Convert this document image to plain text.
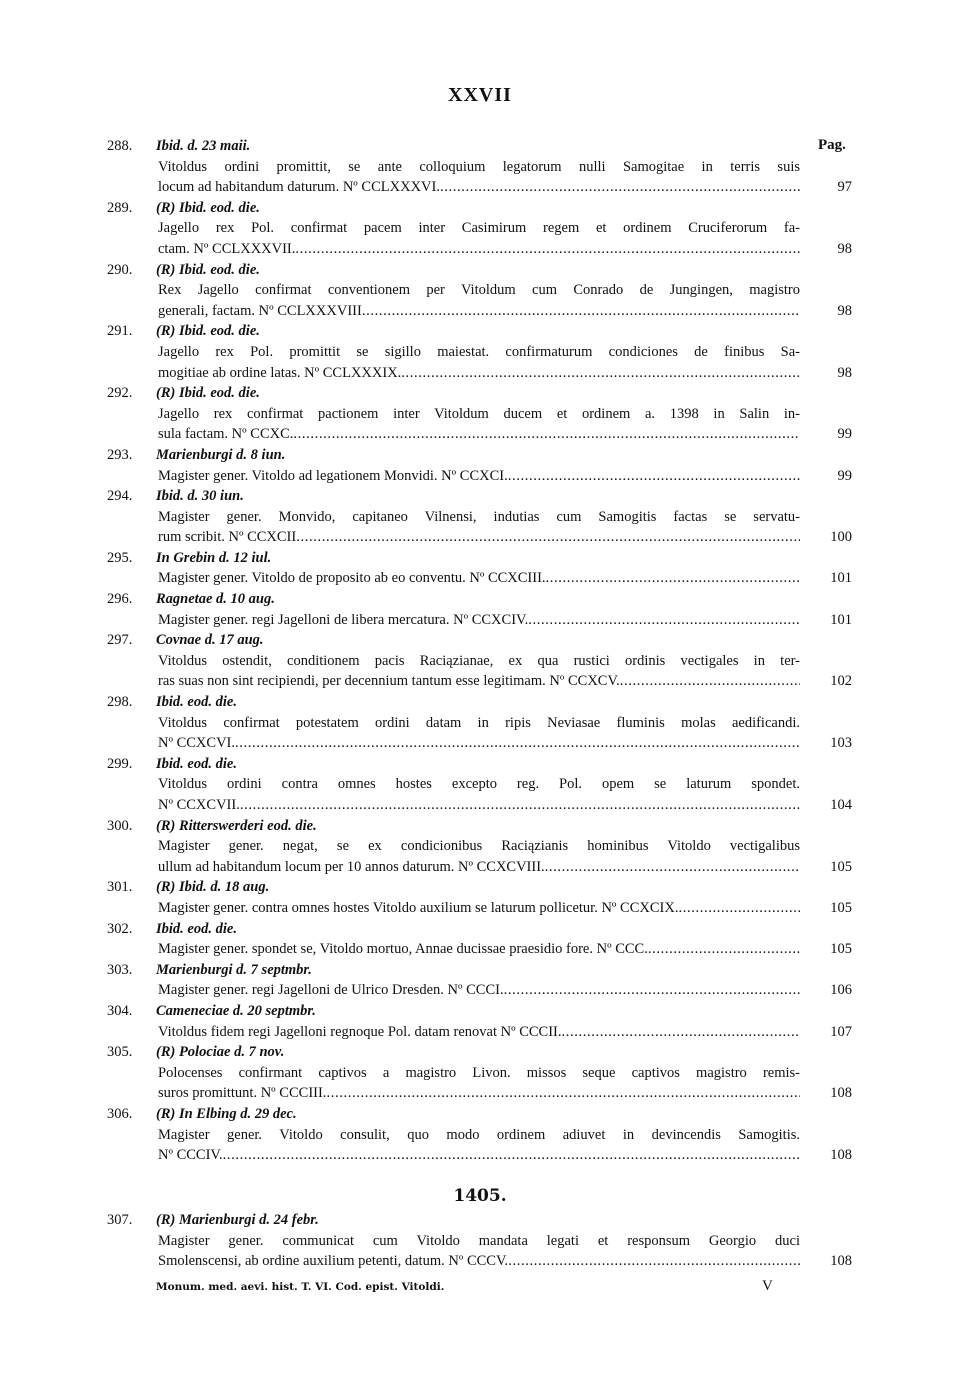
XXVII
Pag.
288. Ibid. d. 23 maii.
Vitoldus ordini promittit, se ante colloquium legatorum nulli Samogitae in terris suis
locum ad habitandum daturum. Nº CCLXXXVI. . . .	97
289. (R) Ibid. eod. die.
Jagello rex Pol. confirmat pacem inter Casimirum regem et ordinem Cruciferorum fa-
ctam. Nº CCLXXXVII. . . .	98
290. (R) Ibid. eod. die.
Rex Jagello confirmat conventionem per Vitoldum cum Conrado de Jungingen, magistro
generali, factam. Nº CCLXXXVIII . . .	98
291. (R) Ibid. eod. die.
Jagello rex Pol. promittit se sigillo maiestat. confirmaturum condiciones de finibus Sa-
mogitiae ab ordine latas. Nº CCLXXXIX. . . .	98
292. (R) Ibid. eod. die.
Jagello rex confirmat pactionem inter Vitoldum ducem et ordinem a. 1398 in Salin in-
sula factam. Nº CCXC. . . .	99
293. Marienburgi d. 8 iun.
Magister gener. Vitoldo ad legationem Monvidi. Nº CCXCI. . . .	99
294. Ibid. d. 30 iun.
Magister gener. Monvido, capitaneo Vilnensi, indutias cum Samogitis factas se servatu-
rum scribit. Nº CCXCII . . .	100
295. In Grebin d. 12 iul.
Magister gener. Vitoldo de proposito ab eo conventu. Nº CCXCIII. . . .	101
296. Ragnetae d. 10 aug.
Magister gener. regi Jagelloni de libera mercatura. Nº CCXCIV. . . .	101
297. Covnae d. 17 aug.
Vitoldus ostendit, conditionem pacis Raciązianae, ex qua rustici ordinis vectigales in ter-
ras suas non sint recipiendi, per decennium tantum esse legitimam. Nº CCXCV. . . .	102
298. Ibid. eod. die.
Vitoldus confirmat potestatem ordini datam in ripis Neviasae fluminis molas aedificandi.
Nº CCXCVI. . . .	103
299. Ibid. eod. die.
Vitoldus ordini contra omnes hostes excepto reg. Pol. opem se laturum spondet.
Nº CCXCVII. . . .	104
300. (R) Ritterswerderi eod. die.
Magister gener. negat, se ex condicionibus Raciązianis hominibus Vitoldo vectigalibus
ullum ad habitandum locum per 10 annos daturum. Nº CCXCVIII. . . .	105
301. (R) Ibid. d. 18 aug.
Magister gener. contra omnes hostes Vitoldo auxilium se laturum pollicetur. Nº CCXCIX. . . .	105
302. Ibid. eod. die.
Magister gener. spondet se, Vitoldo mortuo, Annae ducissae praesidio fore. Nº CCC. . . .	105
303. Marienburgi d. 7 septmbr.
Magister gener. regi Jagelloni de Ulrico Dresden. Nº CCCI. . . .	106
304. Cameneciae d. 20 septmbr.
Vitoldus fidem regi Jagelloni regnoque Pol. datam renovat Nº CCCII. . . .	107
305. (R) Polociae d. 7 nov.
Polocenses confirmant captivos a magistro Livon. missos seque captivos magistro remis-
suros promittunt. Nº CCCIII. . . .	108
306. (R) In Elbing d. 29 dec.
Magister gener. Vitoldo consulit, quo modo ordinem adiuvet in devincendis Samogitis.
Nº CCCIV. . . .	108
1405.
307. (R) Marienburgi d. 24 febr.
Magister gener. communicat cum Vitoldo mandata legati et responsum Georgio duci
Smolenscensi, ab ordine auxilium petenti, datum. Nº CCCV. . . .	108
Monum. med. aevi. hist. T. VI. Cod. epist. Vitoldi.	V
